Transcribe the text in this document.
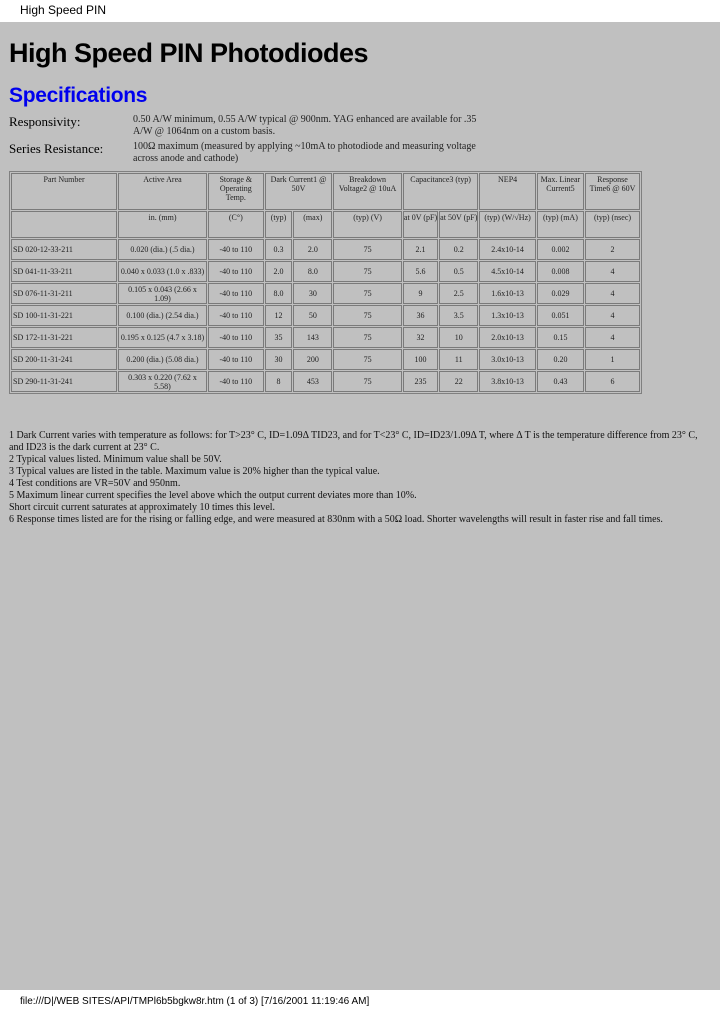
High Speed PIN
High Speed PIN Photodiodes
Specifications
Responsivity:	0.50 A/W minimum, 0.55 A/W typical @ 900nm. YAG enhanced are available for .35 A/W @ 1064nm on a custom basis.
Series Resistance:	100Ω maximum (measured by applying ~10mA to photodiode and measuring voltage across anode and cathode)
Part Number	Active Area	Storage & Operating Temp.	Dark Current1 @ 50V		Breakdown Voltage2 @ 10uA	Capacitance3 (typ)		NEP4	Max. Linear Current5	Response Time6 @ 60V
	in. (mm)	(C°)	(typ)	(max)	(typ) (V)	at 0V (pF)	at 50V (pF)	(typ) (W/√Hz)	(typ) (mA)	(typ) (nsec)
SD 020-12-33-211	0.020 (dia.) (.5 dia.)	-40 to 110	0.3	2.0	75	2.1	0.2	2.4x10-14	0.002	2
SD 041-11-33-211	0.040 x 0.033 (1.0 x .833)	-40 to 110	2.0	8.0	75	5.6	0.5	4.5x10-14	0.008	4
SD 076-11-31-211	0.105 x 0.043 (2.66 x 1.09)	-40 to 110	8.0	30	75	9	2.5	1.6x10-13	0.029	4
SD 100-11-31-221	0.100 (dia.) (2.54 dia.)	-40 to 110	12	50	75	36	3.5	1.3x10-13	0.051	4
SD 172-11-31-221	0.195 x 0.125 (4.7 x 3.18)	-40 to 110	35	143	75	32	10	2.0x10-13	0.15	4
SD 200-11-31-241	0.200 (dia.) (5.08 dia.)	-40 to 110	30	200	75	100	11	3.0x10-13	0.20	1
SD 290-11-31-241	0.303 x 0.220 (7.62 x 5.58)	-40 to 110	8	453	75	235	22	3.8x10-13	0.43	6

1 Dark Current varies with temperature as follows: for T>23° C, ID=1.09Δ TID23, and for T<23° C, ID=ID23/1.09Δ T, where Δ T is the temperature difference from 23° C, and ID23 is the dark current at 23° C.

2 Typical values listed. Minimum value shall be 50V.

3 Typical values are listed in the table. Maximum value is 20% higher than the typical value.

4 Test conditions are VR=50V and 950nm.

5 Maximum linear current specifies the level above which the output current deviates more than 10%.

Short circuit current saturates at approximately 10 times this level.

6 Response times listed are for the rising or falling edge, and were measured at 830nm with a 50Ω load. Shorter wavelengths will result in faster rise and fall times.

file:///D|/WEB SITES/API/TMPl6b5bgkw8r.htm (1 of 3) [7/16/2001 11:19:46 AM]
